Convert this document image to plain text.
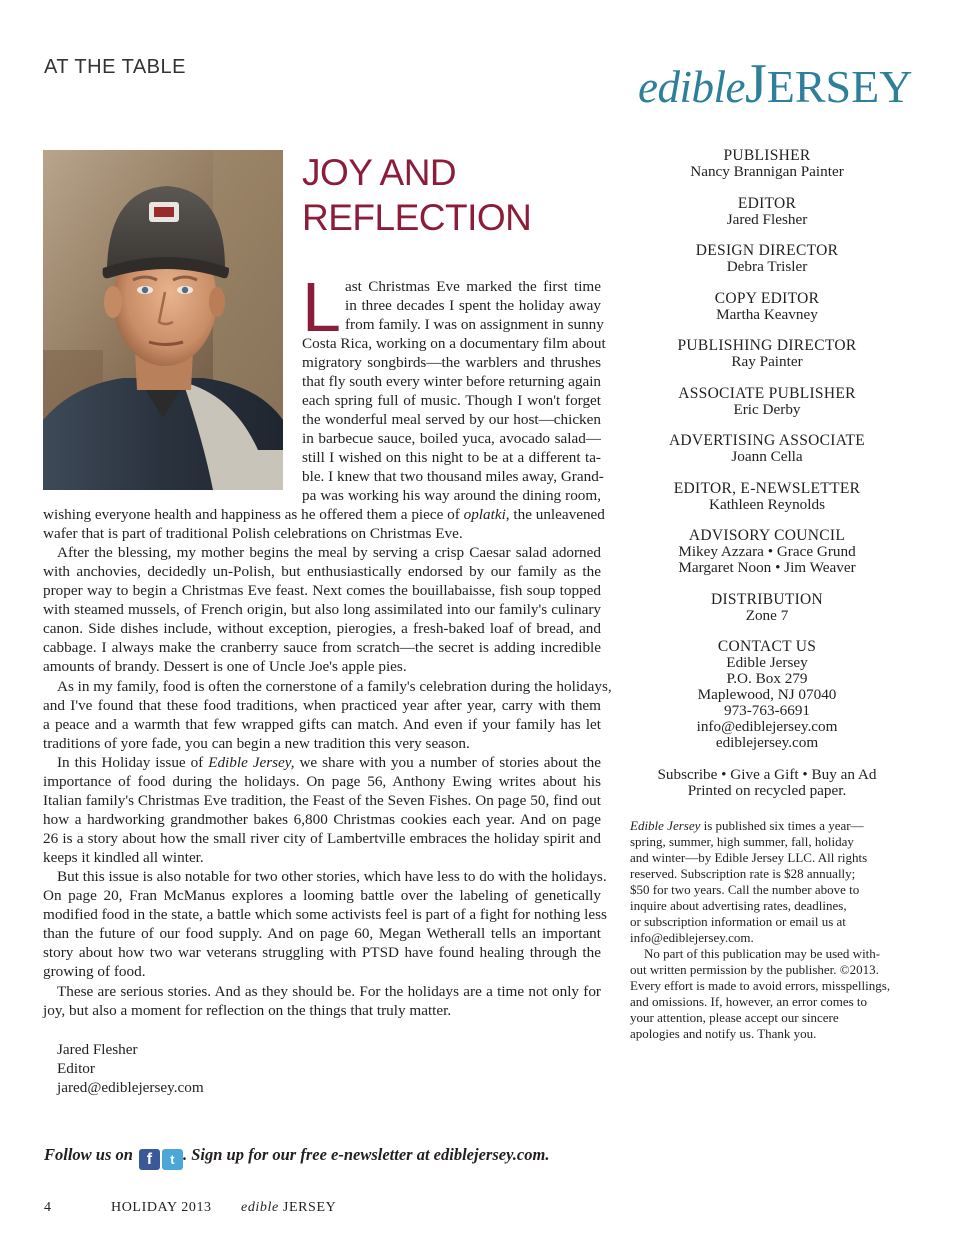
AT THE TABLE	edibleJERSEY
JOY AND
REFLECTION
L ast Christmas Eve marked the first time
in three decades I spent the holiday away
from family. I was on assignment in sunny
Costa Rica, working on a documentary film about
migratory songbirds—the warblers and thrushes
that fly south every winter before returning again
each spring full of music. Though I won't forget
the wonderful meal served by our host—chicken
in barbecue sauce, boiled yuca, avocado salad—
still I wished on this night to be at a different ta-
ble. I knew that two thousand miles away, Grand-
pa was working his way around the dining room,
wishing everyone health and happiness as he offered them a piece of oplatki, the unleavened
wafer that is part of traditional Polish celebrations on Christmas Eve.
After the blessing, my mother begins the meal by serving a crisp Caesar salad adorned
with anchovies, decidedly un-Polish, but enthusiastically endorsed by our family as the
proper way to begin a Christmas Eve feast. Next comes the bouillabaisse, fish soup topped
with steamed mussels, of French origin, but also long assimilated into our family's culinary
canon. Side dishes include, without exception, pierogies, a fresh-baked loaf of bread, and
cabbage. I always make the cranberry sauce from scratch—the secret is adding incredible
amounts of brandy. Dessert is one of Uncle Joe's apple pies.
As in my family, food is often the cornerstone of a family's celebration during the holidays,
and I've found that these food traditions, when practiced year after year, carry with them
a peace and a warmth that few wrapped gifts can match. And even if your family has let
traditions of yore fade, you can begin a new tradition this very season.
In this Holiday issue of Edible Jersey, we share with you a number of stories about the
importance of food during the holidays. On page 56, Anthony Ewing writes about his
Italian family's Christmas Eve tradition, the Feast of the Seven Fishes. On page 50, find out
how a hardworking grandmother bakes 6,800 Christmas cookies each year. And on page
26 is a story about how the small river city of Lambertville embraces the holiday spirit and
keeps it kindled all winter.
But this issue is also notable for two other stories, which have less to do with the holidays.
On page 20, Fran McManus explores a looming battle over the labeling of genetically
modified food in the state, a battle which some activists feel is part of a fight for nothing less
than the future of our food supply. And on page 60, Megan Wetherall tells an important
story about how two war veterans struggling with PTSD have found healing through the
growing of food.
These are serious stories. And as they should be. For the holidays are a time not only for
joy, but also a moment for reflection on the things that truly matter.
Jared Flesher
Editor
jared@ediblejersey.com
PUBLISHER
Nancy Brannigan Painter
EDITOR
Jared Flesher
DESIGN DIRECTOR
Debra Trisler
COPY EDITOR
Martha Keavney
PUBLISHING DIRECTOR
Ray Painter
ASSOCIATE PUBLISHER
Eric Derby
ADVERTISING ASSOCIATE
Joann Cella
EDITOR, E-NEWSLETTER
Kathleen Reynolds
ADVISORY COUNCIL
Mikey Azzara • Grace Grund
Margaret Noon • Jim Weaver
DISTRIBUTION
Zone 7
CONTACT US
Edible Jersey
P.O. Box 279
Maplewood, NJ 07040
973-763-6691
info@ediblejersey.com
ediblejersey.com
Subscribe • Give a Gift • Buy an Ad
Printed on recycled paper.

Edible Jersey is published six times a year—
spring, summer, high summer, fall, holiday
and winter—by Edible Jersey LLC. All rights
reserved. Subscription rate is $28 annually;
$50 for two years. Call the number above to
inquire about advertising rates, deadlines,
or subscription information or email us at
info@ediblejersey.com.

No part of this publication may be used with-
out written permission by the publisher. ©2013.
Every effort is made to avoid errors, misspellings,
and omissions. If, however, an error comes to
your attention, please accept our sincere
apologies and notify us. Thank you.

Follow us on f t . Sign up for our free e-newsletter at ediblejersey.com.
4	HOLIDAY 2013 edible JERSEY
